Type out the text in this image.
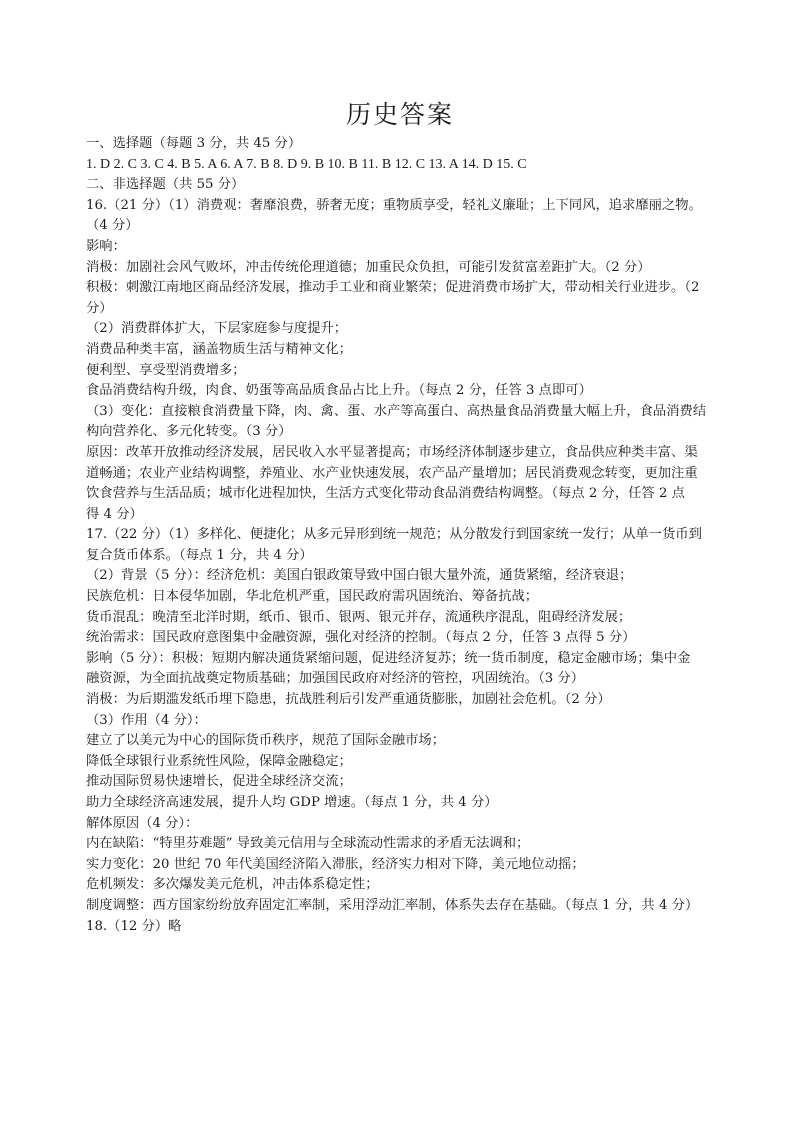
历史答案
一、选择题（每题 3 分，共 45 分）
1. D 2. C 3. C 4. B 5. A 6. A 7. B 8. D 9. B 10. B 11. B 12. C 13. A 14. D 15. C
二、非选择题（共 55 分）
16.（21 分）（1）消费观：奢靡浪费，骄奢无度；重物质享受，轻礼义廉耻；上下同风，追求靡丽之物。
（4 分）
影响：
消极：加剧社会风气败坏，冲击传统伦理道德；加重民众负担，可能引发贫富差距扩大。（2 分）
积极：刺激江南地区商品经济发展，推动手工业和商业繁荣；促进消费市场扩大，带动相关行业进步。（2
分）
（2）消费群体扩大，下层家庭参与度提升；
消费品种类丰富，涵盖物质生活与精神文化；
便利型、享受型消费增多；
食品消费结构升级，肉食、奶蛋等高品质食品占比上升。（每点 2 分，任答 3 点即可）
（3）变化：直接粮食消费量下降，肉、禽、蛋、水产等高蛋白、高热量食品消费量大幅上升，食品消费结
构向营养化、多元化转变。（3 分）
原因：改革开放推动经济发展，居民收入水平显著提高；市场经济体制逐步建立，食品供应种类丰富、渠
道畅通；农业产业结构调整，养殖业、水产业快速发展，农产品产量增加；居民消费观念转变，更加注重
饮食营养与生活品质；城市化进程加快，生活方式变化带动食品消费结构调整。（每点 2 分，任答 2 点
得 4 分）
17.（22 分）（1）多样化、便捷化；从多元异形到统一规范；从分散发行到国家统一发行；从单一货币到
复合货币体系。（每点 1 分，共 4 分）
（2）背景（5 分）：经济危机：美国白银政策导致中国白银大量外流，通货紧缩，经济衰退；
民族危机：日本侵华加剧，华北危机严重，国民政府需巩固统治、筹备抗战；
货币混乱：晚清至北洋时期，纸币、银币、银两、银元并存，流通秩序混乱，阻碍经济发展；
统治需求：国民政府意图集中金融资源，强化对经济的控制。（每点 2 分，任答 3 点得 5 分）
影响（5 分）：积极：短期内解决通货紧缩问题，促进经济复苏；统一货币制度，稳定金融市场；集中金
融资源，为全面抗战奠定物质基础；加强国民政府对经济的管控，巩固统治。（3 分）
消极：为后期滥发纸币埋下隐患，抗战胜利后引发严重通货膨胀，加剧社会危机。（2 分）
（3）作用（4 分）：
建立了以美元为中心的国际货币秩序，规范了国际金融市场；
降低全球银行业系统性风险，保障金融稳定；
推动国际贸易快速增长，促进全球经济交流；
助力全球经济高速发展，提升人均 GDP 增速。（每点 1 分，共 4 分）
解体原因（4 分）：
内在缺陷：“特里芬难题” 导致美元信用与全球流动性需求的矛盾无法调和；
实力变化：20 世纪 70 年代美国经济陷入滞胀，经济实力相对下降，美元地位动摇；
危机频发：多次爆发美元危机，冲击体系稳定性；
制度调整：西方国家纷纷放弃固定汇率制，采用浮动汇率制，体系失去存在基础。（每点 1 分，共 4 分）
18.（12 分）略
